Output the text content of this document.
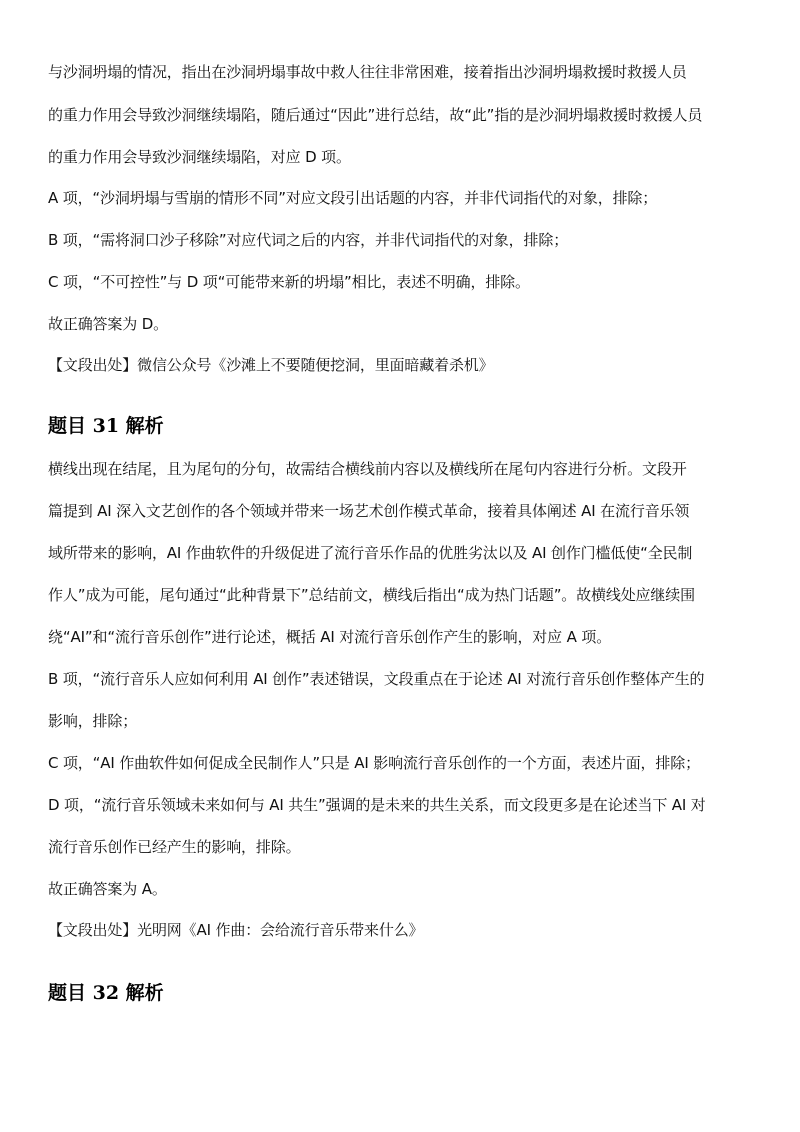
与沙洞坍塌的情况，指出在沙洞坍塌事故中救人往往非常困难，接着指出沙洞坍塌救援时救援人员
的重力作用会导致沙洞继续塌陷，随后通过“因此”进行总结，故“此”指的是沙洞坍塌救援时救援人员
的重力作用会导致沙洞继续塌陷，对应 D 项。
A 项，“沙洞坍塌与雪崩的情形不同”对应文段引出话题的内容，并非代词指代的对象，排除；
B 项，“需将洞口沙子移除”对应代词之后的内容，并非代词指代的对象，排除；
C 项，“不可控性”与 D 项“可能带来新的坍塌”相比，表述不明确，排除。
故正确答案为 D。
【文段出处】微信公众号《沙滩上不要随便挖洞，里面暗藏着杀机》
题目 31 解析
横线出现在结尾，且为尾句的分句，故需结合横线前内容以及横线所在尾句内容进行分析。文段开
篇提到 AI 深入文艺创作的各个领域并带来一场艺术创作模式革命，接着具体阐述 AI 在流行音乐领
域所带来的影响，AI 作曲软件的升级促进了流行音乐作品的优胜劣汰以及 AI 创作门槛低使“全民制
作人”成为可能，尾句通过“此种背景下”总结前文，横线后指出“成为热门话题”。故横线处应继续围
绕“AI”和“流行音乐创作”进行论述，概括 AI 对流行音乐创作产生的影响，对应 A 项。
B 项，“流行音乐人应如何利用 AI 创作”表述错误，文段重点在于论述 AI 对流行音乐创作整体产生的
影响，排除；
C 项，“AI 作曲软件如何促成全民制作人”只是 AI 影响流行音乐创作的一个方面，表述片面，排除；
D 项，“流行音乐领域未来如何与 AI 共生”强调的是未来的共生关系，而文段更多是在论述当下 AI 对
流行音乐创作已经产生的影响，排除。
故正确答案为 A。
【文段出处】光明网《AI 作曲：会给流行音乐带来什么》
题目 32 解析
